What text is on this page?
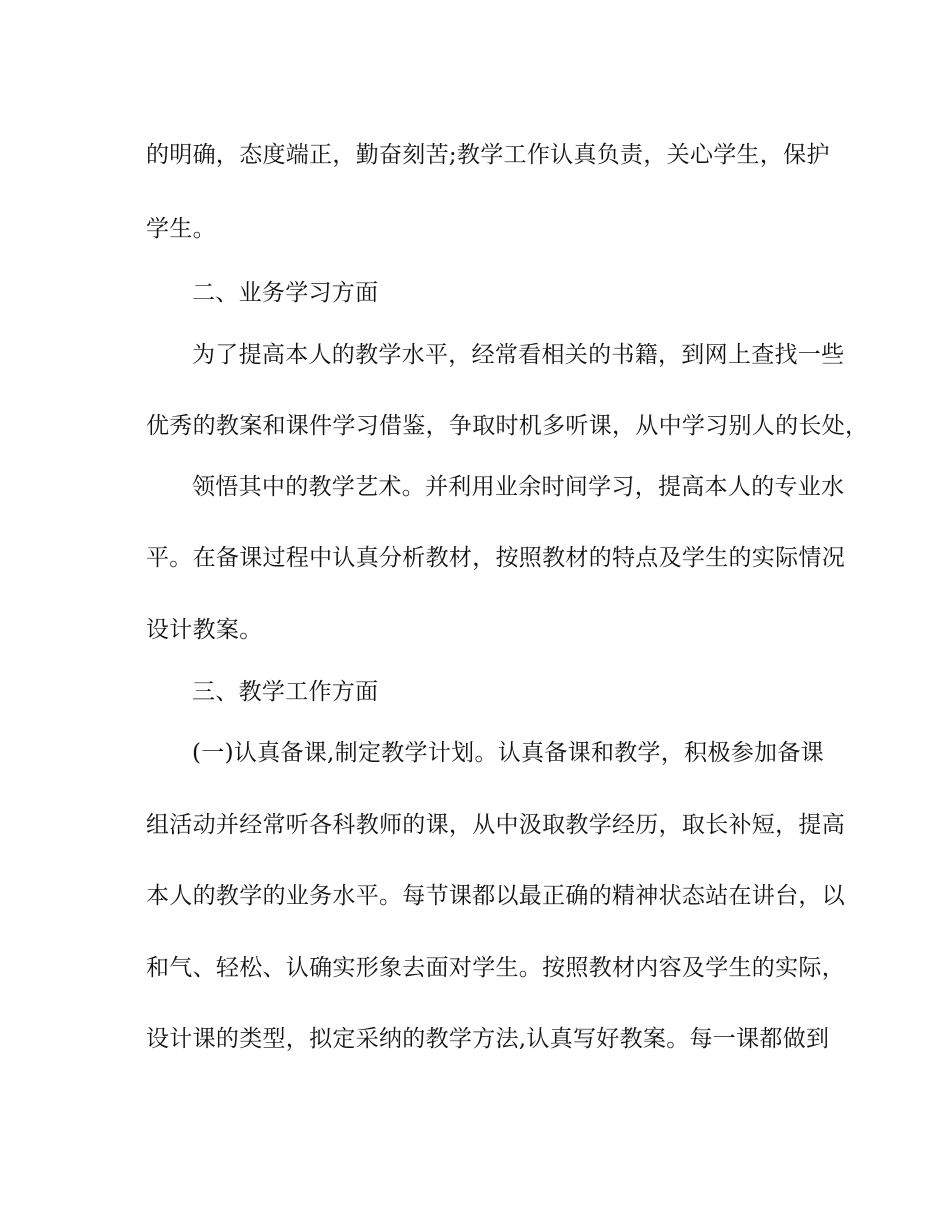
的明确，态度端正，勤奋刻苦;教学工作认真负责，关心学生，保护
学生。
二、业务学习方面
为了提高本人的教学水平，经常看相关的书籍，到网上查找一些
优秀的教案和课件学习借鉴，争取时机多听课，从中学习别人的长处，
领悟其中的教学艺术。并利用业余时间学习，提高本人的专业水
平。在备课过程中认真分析教材，按照教材的特点及学生的实际情况
设计教案。
三、教学工作方面
(一)认真备课,制定教学计划。认真备课和教学，积极参加备课
组活动并经常听各科教师的课，从中汲取教学经历，取长补短，提高
本人的教学的业务水平。每节课都以最正确的精神状态站在讲台，以
和气、轻松、认确实形象去面对学生。按照教材内容及学生的实际，
设计课的类型，拟定采纳的教学方法,认真写好教案。每一课都做到
